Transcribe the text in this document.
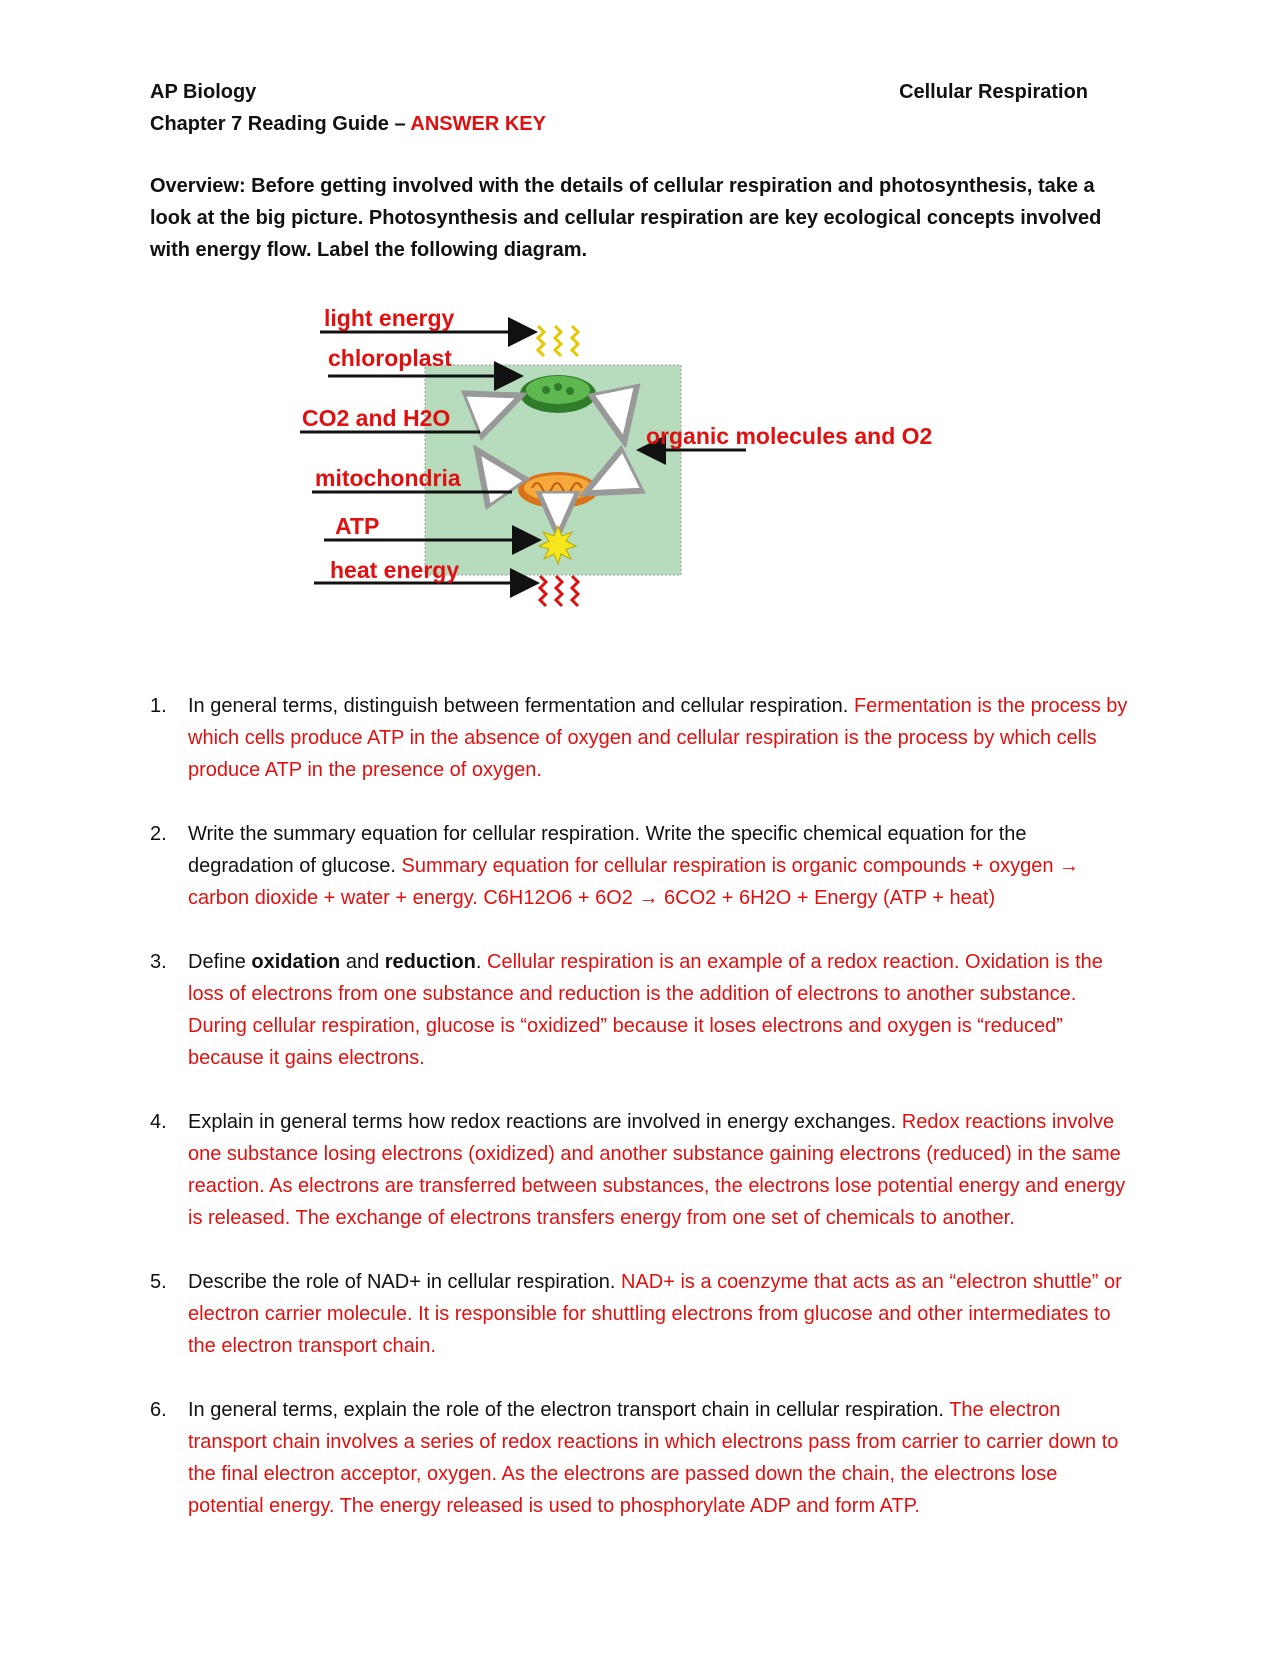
AP Biology	Cellular Respiration
Chapter 7 Reading Guide – ANSWER KEY
Overview: Before getting involved with the details of cellular respiration and photosynthesis, take a look at the big picture. Photosynthesis and cellular respiration are key ecological concepts involved with energy flow. Label the following diagram.
light energy
chloroplast
CO2 and H2O
mitochondria
ATP
heat energy
organic molecules and O2
1. In general terms, distinguish between fermentation and cellular respiration. Fermentation is the process by which cells produce ATP in the absence of oxygen and cellular respiration is the process by which cells produce ATP in the presence of oxygen.
2. Write the summary equation for cellular respiration. Write the specific chemical equation for the degradation of glucose. Summary equation for cellular respiration is organic compounds + oxygen → carbon dioxide + water + energy. C6H12O6 + 6O2 → 6CO2 + 6H2O + Energy (ATP + heat)
3. Define oxidation and reduction. Cellular respiration is an example of a redox reaction. Oxidation is the loss of electrons from one substance and reduction is the addition of electrons to another substance. During cellular respiration, glucose is “oxidized” because it loses electrons and oxygen is “reduced” because it gains electrons.
4. Explain in general terms how redox reactions are involved in energy exchanges. Redox reactions involve one substance losing electrons (oxidized) and another substance gaining electrons (reduced) in the same reaction. As electrons are transferred between substances, the electrons lose potential energy and energy is released. The exchange of electrons transfers energy from one set of chemicals to another.
5. Describe the role of NAD+ in cellular respiration. NAD+ is a coenzyme that acts as an “electron shuttle” or electron carrier molecule. It is responsible for shuttling electrons from glucose and other intermediates to the electron transport chain.
6. In general terms, explain the role of the electron transport chain in cellular respiration. The electron transport chain involves a series of redox reactions in which electrons pass from carrier to carrier down to the final electron acceptor, oxygen. As the electrons are passed down the chain, the electrons lose potential energy. The energy released is used to phosphorylate ADP and form ATP.
